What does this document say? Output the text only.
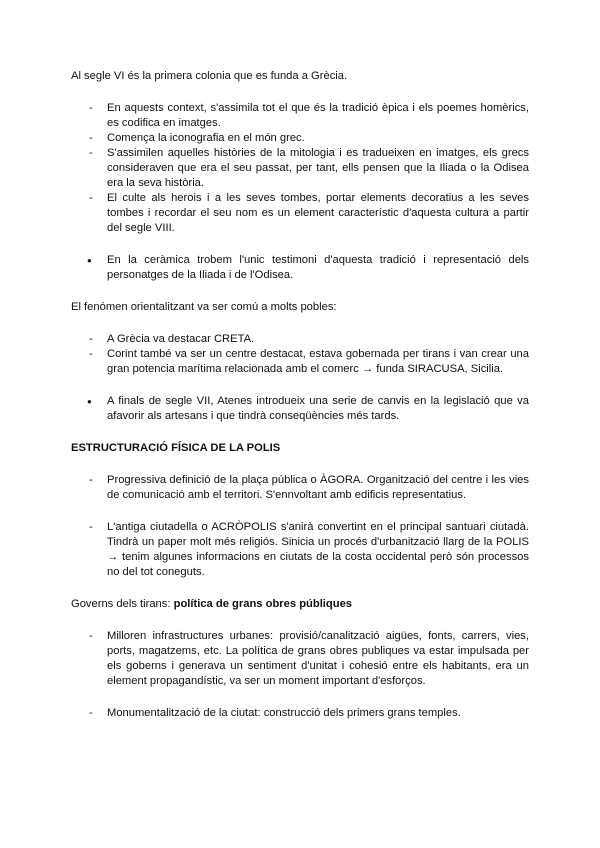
Al segle VI és la primera colonia que es funda a Grècia.

- En aquests context, s'assimila tot el que és la tradició èpica i els poemes homèrics, es codifica en imatges.
- Comença la iconografia en el món grec.
- S'assimilen aquelles històries de la mitologia i es tradueixen en imatges, els grecs consideraven que era el seu passat, per tant, ells pensen que la Iliada o la Odisea era la seva història.
- El culte als herois i a les seves tombes, portar elements decoratius a les seves tombes i recordar el seu nom es un element característic d'aquesta cultura a partir del segle VIII.
● En la ceràmica trobem l'unic testimoni d'aquesta tradició i representació dels personatges de la Iliada i de l'Odisea.

El fenómen orientalitzant va ser comú a molts pobles:

- A Grècia va destacar CRETA.
- Corint també va ser un centre destacat, estava gobernada per tirans i van crear una gran potencia marítima relacionada amb el comerc → funda SIRACUSA, Sicilia.
● A finals de segle VII, Atenes introdueix una serie de canvis en la legislació que va afavorir als artesans i que tindrà conseqüències més tards.
ESTRUCTURACIÓ FÍSICA DE LA POLIS
- Progressiva definició de la plaça pública o ÀGORA. Organització del centre i les vies de comunicació amb el territori. S'ennvoltant amb edificis representatius.
- L'antiga ciutadella o ACRÒPOLIS s'anirà convertint en el principal santuari ciutadà. Tindrà un paper molt més religiós. Sinicia un procés d'urbanització llarg de la POLIS → tenim algunes informacions en ciutats de la costa occidental però són processos no del tot coneguts.

Governs dels tirans: política de grans obres públiques

- Milloren infrastructures urbanes: provisió/canalització aigües, fonts, carrers, vies, ports, magatzems, etc. La política de grans obres publiques va estar impulsada per els goberns i generava un sentiment d'unitat i cohesió entre els habitants, era un element propagandístic, va ser un moment important d'esforços.
- Monumentalització de la ciutat: construcció dels primers grans temples.
